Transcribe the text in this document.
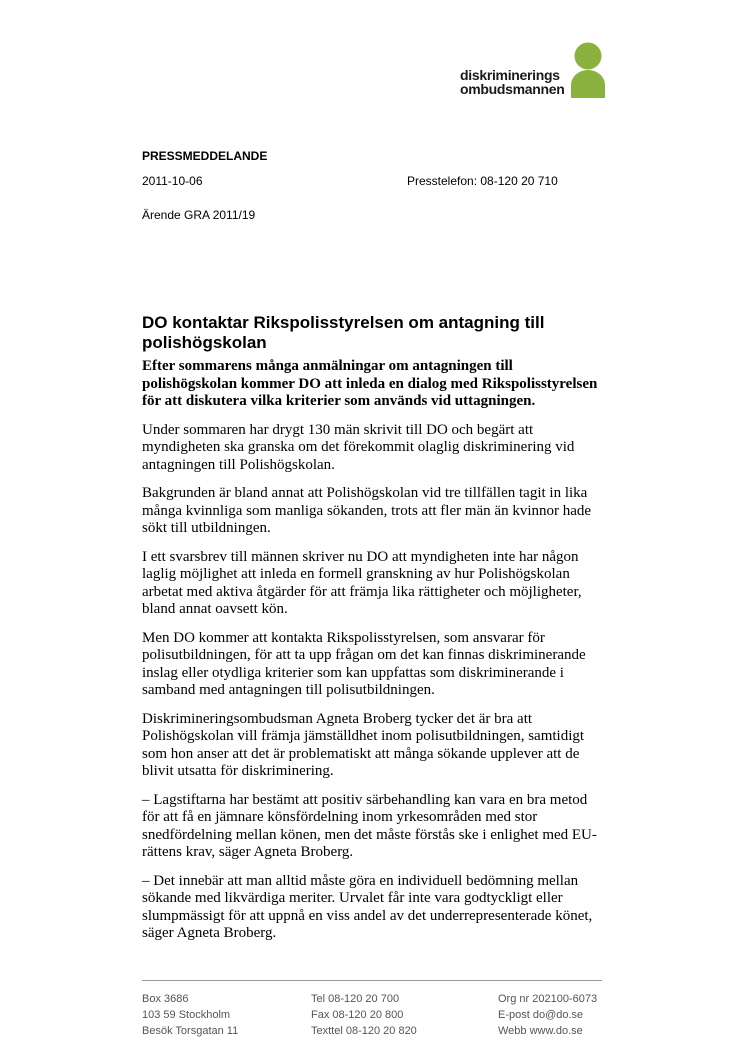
diskriminerings
ombudsmannen
PRESSMEDDELANDE
2011-10-06	Presstelefon: 08-120 20 710
Ärende GRA 2011/19
DO kontaktar Rikspolisstyrelsen om antagning till polishögskolan

Efter sommarens många anmälningar om antagningen till polishögskolan kommer DO att inleda en dialog med Rikspolisstyrelsen för att diskutera vilka kriterier som används vid uttagningen.

Under sommaren har drygt 130 män skrivit till DO och begärt att myndigheten ska granska om det förekommit olaglig diskriminering vid antagningen till Polishögskolan.

Bakgrunden är bland annat att Polishögskolan vid tre tillfällen tagit in lika många kvinnliga som manliga sökanden, trots att fler män än kvinnor hade sökt till utbildningen.

I ett svarsbrev till männen skriver nu DO att myndigheten inte har någon laglig möjlighet att inleda en formell granskning av hur Polishögskolan arbetat med aktiva åtgärder för att främja lika rättigheter och möjligheter, bland annat oavsett kön.

Men DO kommer att kontakta Rikspolisstyrelsen, som ansvarar för polisutbildningen, för att ta upp frågan om det kan finnas diskriminerande inslag eller otydliga kriterier som kan uppfattas som diskriminerande i samband med antagningen till polisutbildningen.

Diskrimineringsombudsman Agneta Broberg tycker det är bra att Polishögskolan vill främja jämställdhet inom polisutbildningen, samtidigt som hon anser att det är problematiskt att många sökande upplever att de blivit utsatta för diskriminering.

– Lagstiftarna har bestämt att positiv särbehandling kan vara en bra metod för att få en jämnare könsfördelning inom yrkesområden med stor snedfördelning mellan könen, men det måste förstås ske i enlighet med EU-rättens krav, säger Agneta Broberg.

– Det innebär att man alltid måste göra en individuell bedömning mellan sökande med likvärdiga meriter. Urvalet får inte vara godtyckligt eller slumpmässigt för att uppnå en viss andel av det underrepresenterade könet, säger Agneta Broberg.

Box 3686
103 59 Stockholm
Besök Torsgatan 11
Tel 08-120 20 700
Fax 08-120 20 800
Texttel 08-120 20 820
Org nr 202100-6073
E-post do@do.se
Webb www.do.se
